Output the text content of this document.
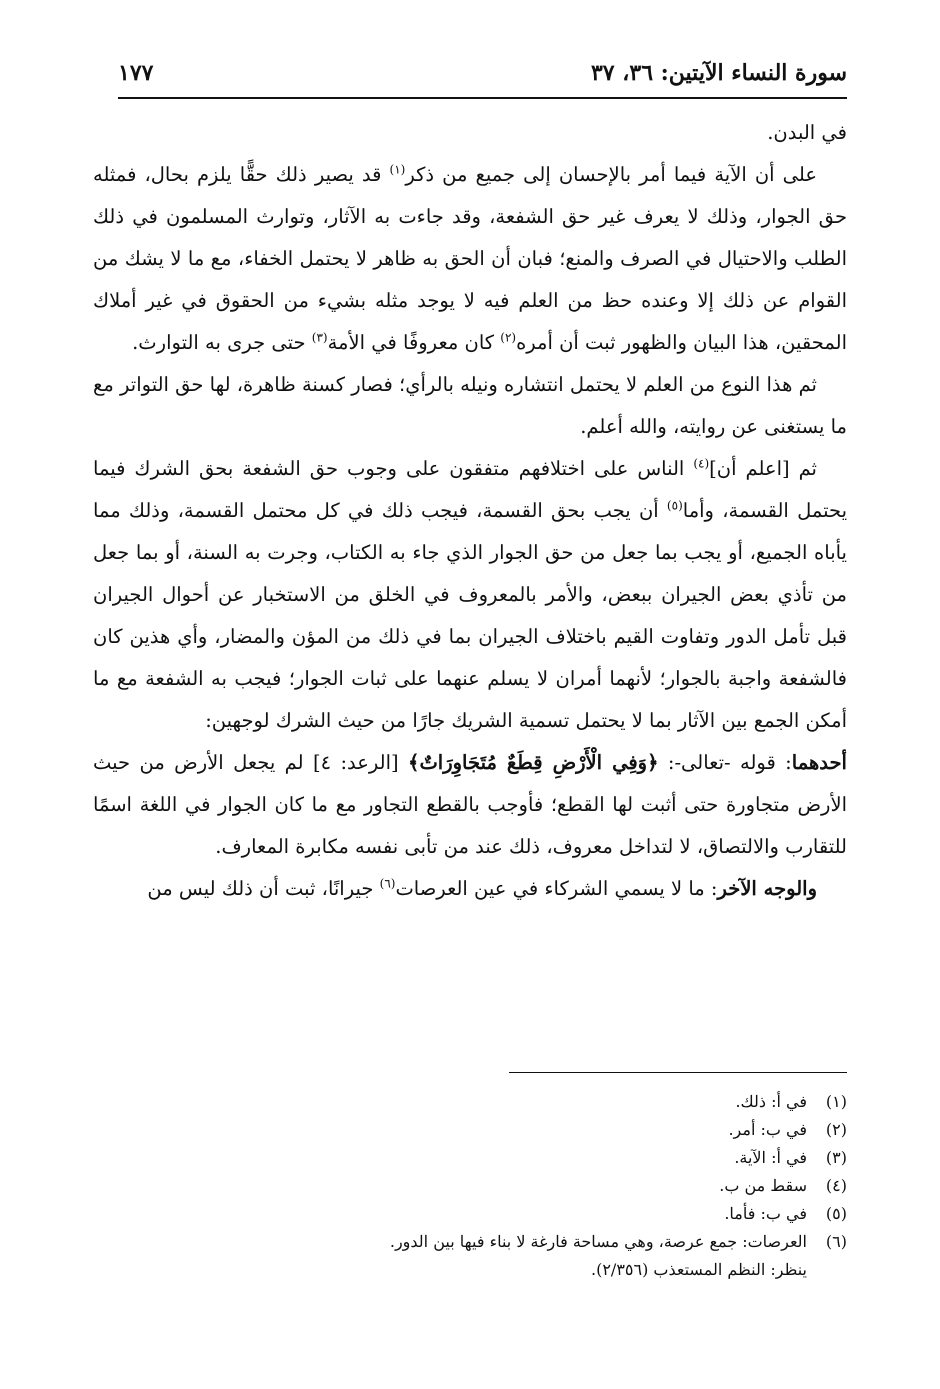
سورة النساء الآيتين: ٣٦، ٣٧
١٧٧

في البدن.

على أن الآية فيما أمر بالإحسان إلى جميع من ذكر$^{(١)}$ قد يصير ذلك حقًّا يلزم بحال، فمثله حق الجوار، وذلك لا يعرف غير حق الشفعة، وقد جاءت به الآثار، وتوارث المسلمون في ذلك الطلب والاحتيال في الصرف والمنع؛ فبان أن الحق به ظاهر لا يحتمل الخفاء، مع ما لا يشك من القوام عن ذلك إلا وعنده حظ من العلم فيه لا يوجد مثله بشيء من الحقوق في غير أملاك المحقين، هذا البيان والظهور ثبت أن أمره$^{(٢)}$ كان معروفًا في الأمة$^{(٣)}$ حتى جرى به التوارث.

ثم هذا النوع من العلم لا يحتمل انتشاره ونيله بالرأي؛ فصار كسنة ظاهرة، لها حق التواتر مع ما يستغنى عن روايته، والله أعلم.

ثم [اعلم أن]$^{(٤)}$ الناس على اختلافهم متفقون على وجوب حق الشفعة بحق الشرك فيما يحتمل القسمة، وأما$^{(٥)}$ أن يجب بحق القسمة، فيجب ذلك في كل محتمل القسمة، وذلك مما يأباه الجميع، أو يجب بما جعل من حق الجوار الذي جاء به الكتاب، وجرت به السنة، أو بما جعل من تأذي بعض الجيران ببعض، والأمر بالمعروف في الخلق من الاستخبار عن أحوال الجيران قبل تأمل الدور وتفاوت القيم باختلاف الجيران بما في ذلك من المؤن والمضار، وأي هذين كان فالشفعة واجبة بالجوار؛ لأنهما أمران لا يسلم عنهما على ثبات الجوار؛ فيجب به الشفعة مع ما أمكن الجمع بين الآثار بما لا يحتمل تسمية الشريك جارًا من حيث الشرك لوجهين:

أحدهما: قوله -تعالى-: ﴿وَفِي الْأَرْضِ قِطَعٌ مُتَجَاوِرَاتٌ﴾ [الرعد: ٤] لم يجعل الأرض من حيث الأرض متجاورة حتى أثبت لها القطع؛ فأوجب بالقطع التجاور مع ما كان الجوار في اللغة اسمًا للتقارب والالتصاق، لا لتداخل معروف، ذلك عند من تأبى نفسه مكابرة المعارف.

والوجه الآخر: ما لا يسمي الشركاء في عين العرصات$^{(٦)}$ جيرانًا، ثبت أن ذلك ليس من

(١)في أ: ذلك.
(٢)في ب: أمر.
(٣)في أ: الآية.
(٤)سقط من ب.
(٥)في ب: فأما.
(٦)العرصات: جمع عرصة، وهي مساحة فارغة لا بناء فيها بين الدور.
ينظر: النظم المستعذب (٢/٣٥٦).
